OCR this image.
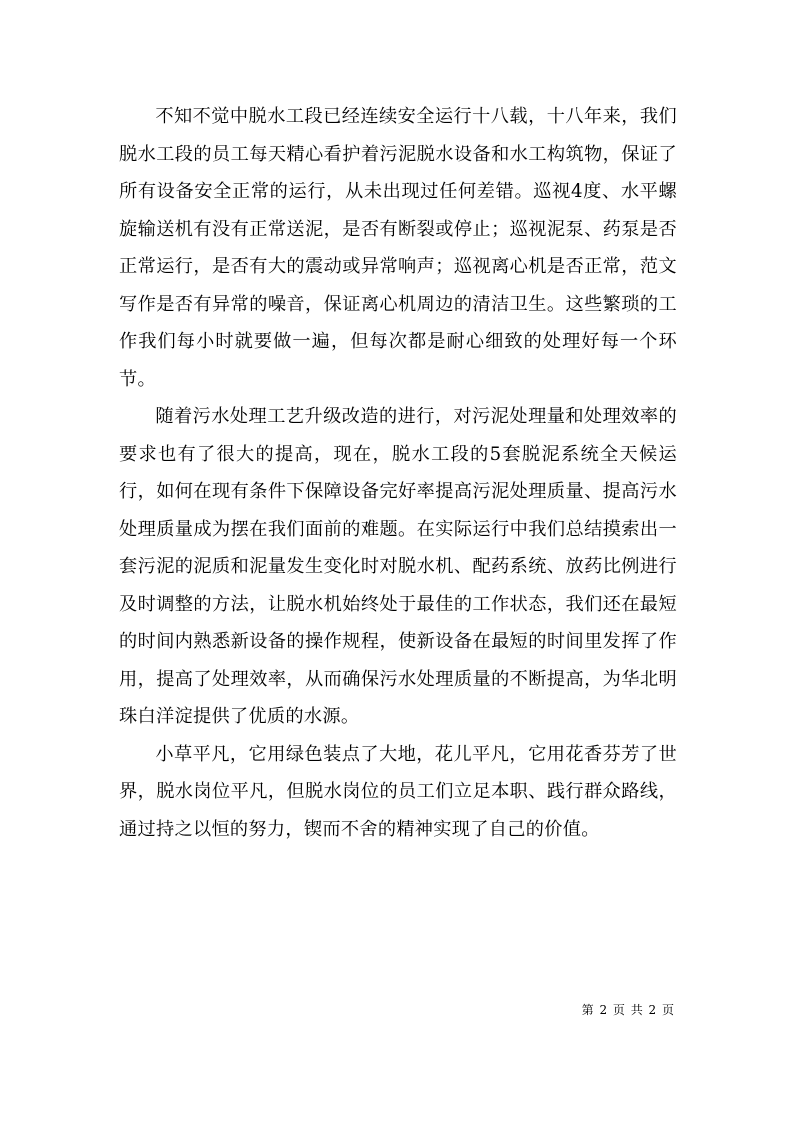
不知不觉中脱水工段已经连续安全运行十八载，十八年来，我们脱水工段的员工每天精心看护着污泥脱水设备和水工构筑物，保证了所有设备安全正常的运行，从未出现过任何差错。巡视4度、水平螺旋输送机有没有正常送泥，是否有断裂或停止；巡视泥泵、药泵是否正常运行，是否有大的震动或异常响声；巡视离心机是否正常，范文写作是否有异常的噪音，保证离心机周边的清洁卫生。这些繁琐的工作我们每小时就要做一遍，但每次都是耐心细致的处理好每一个环节。

随着污水处理工艺升级改造的进行，对污泥处理量和处理效率的要求也有了很大的提高，现在，脱水工段的5套脱泥系统全天候运行，如何在现有条件下保障设备完好率提高污泥处理质量、提高污水处理质量成为摆在我们面前的难题。在实际运行中我们总结摸索出一套污泥的泥质和泥量发生变化时对脱水机、配药系统、放药比例进行及时调整的方法，让脱水机始终处于最佳的工作状态，我们还在最短的时间内熟悉新设备的操作规程，使新设备在最短的时间里发挥了作用，提高了处理效率，从而确保污水处理质量的不断提高，为华北明珠白洋淀提供了优质的水源。

小草平凡，它用绿色装点了大地，花儿平凡，它用花香芬芳了世界，脱水岗位平凡，但脱水岗位的员工们立足本职、践行群众路线，通过持之以恒的努力，锲而不舍的精神实现了自己的价值。

第 2 页 共 2 页
